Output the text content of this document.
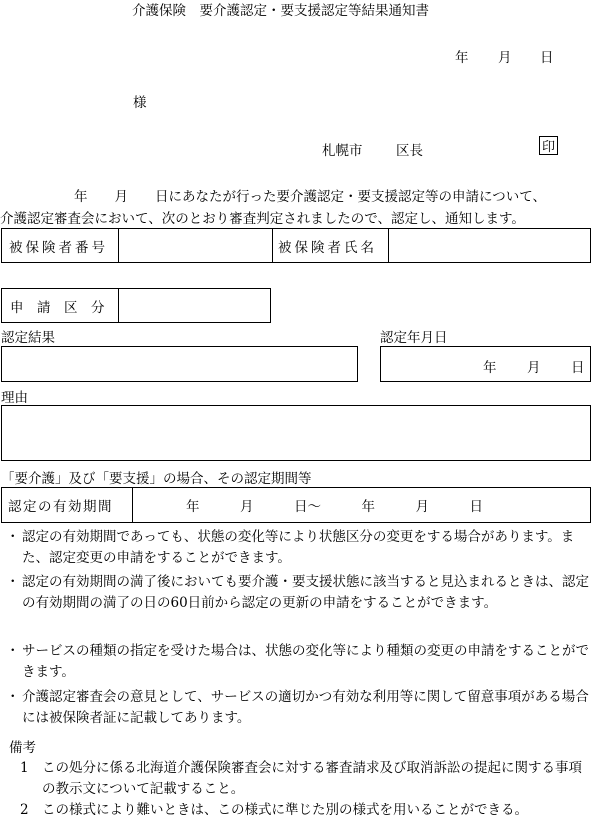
介護保険　要介護認定・要支援認定等結果通知書
年 月 日
様
札幌市 区長	印
年　　月　　日にあなたが行った要介護認定・要支援認定等の申請について、
介護認定審査会において、次のとおり審査判定されましたので、認定し、通知します。
被保険者番号	被保険者氏名
申　請　区　分
認定結果	認定年月日
年 月 日
理由
「要介護」及び「要支援」の場合、その認定期間等
認定の有効期間	年　　　月　　　日～　　　年　　　月　　　日
・ 認定の有効期間であっても、状態の変化等により状態区分の変更をする場合があります。また、認定変更の申請をすることができます。
・ 認定の有効期間の満了後においても要介護・要支援状態に該当すると見込まれるときは、認定の有効期間の満了の日の60日前から認定の更新の申請をすることができます。
・ サービスの種類の指定を受けた場合は、状態の変化等により種類の変更の申請をすることができます。
・ 介護認定審査会の意見として、サービスの適切かつ有効な利用等に関して留意事項がある場合には被保険者証に記載してあります。
備考
1 この処分に係る北海道介護保険審査会に対する審査請求及び取消訴訟の提起に関する事項の教示文について記載すること。
2 この様式により難いときは、この様式に準じた別の様式を用いることができる。
